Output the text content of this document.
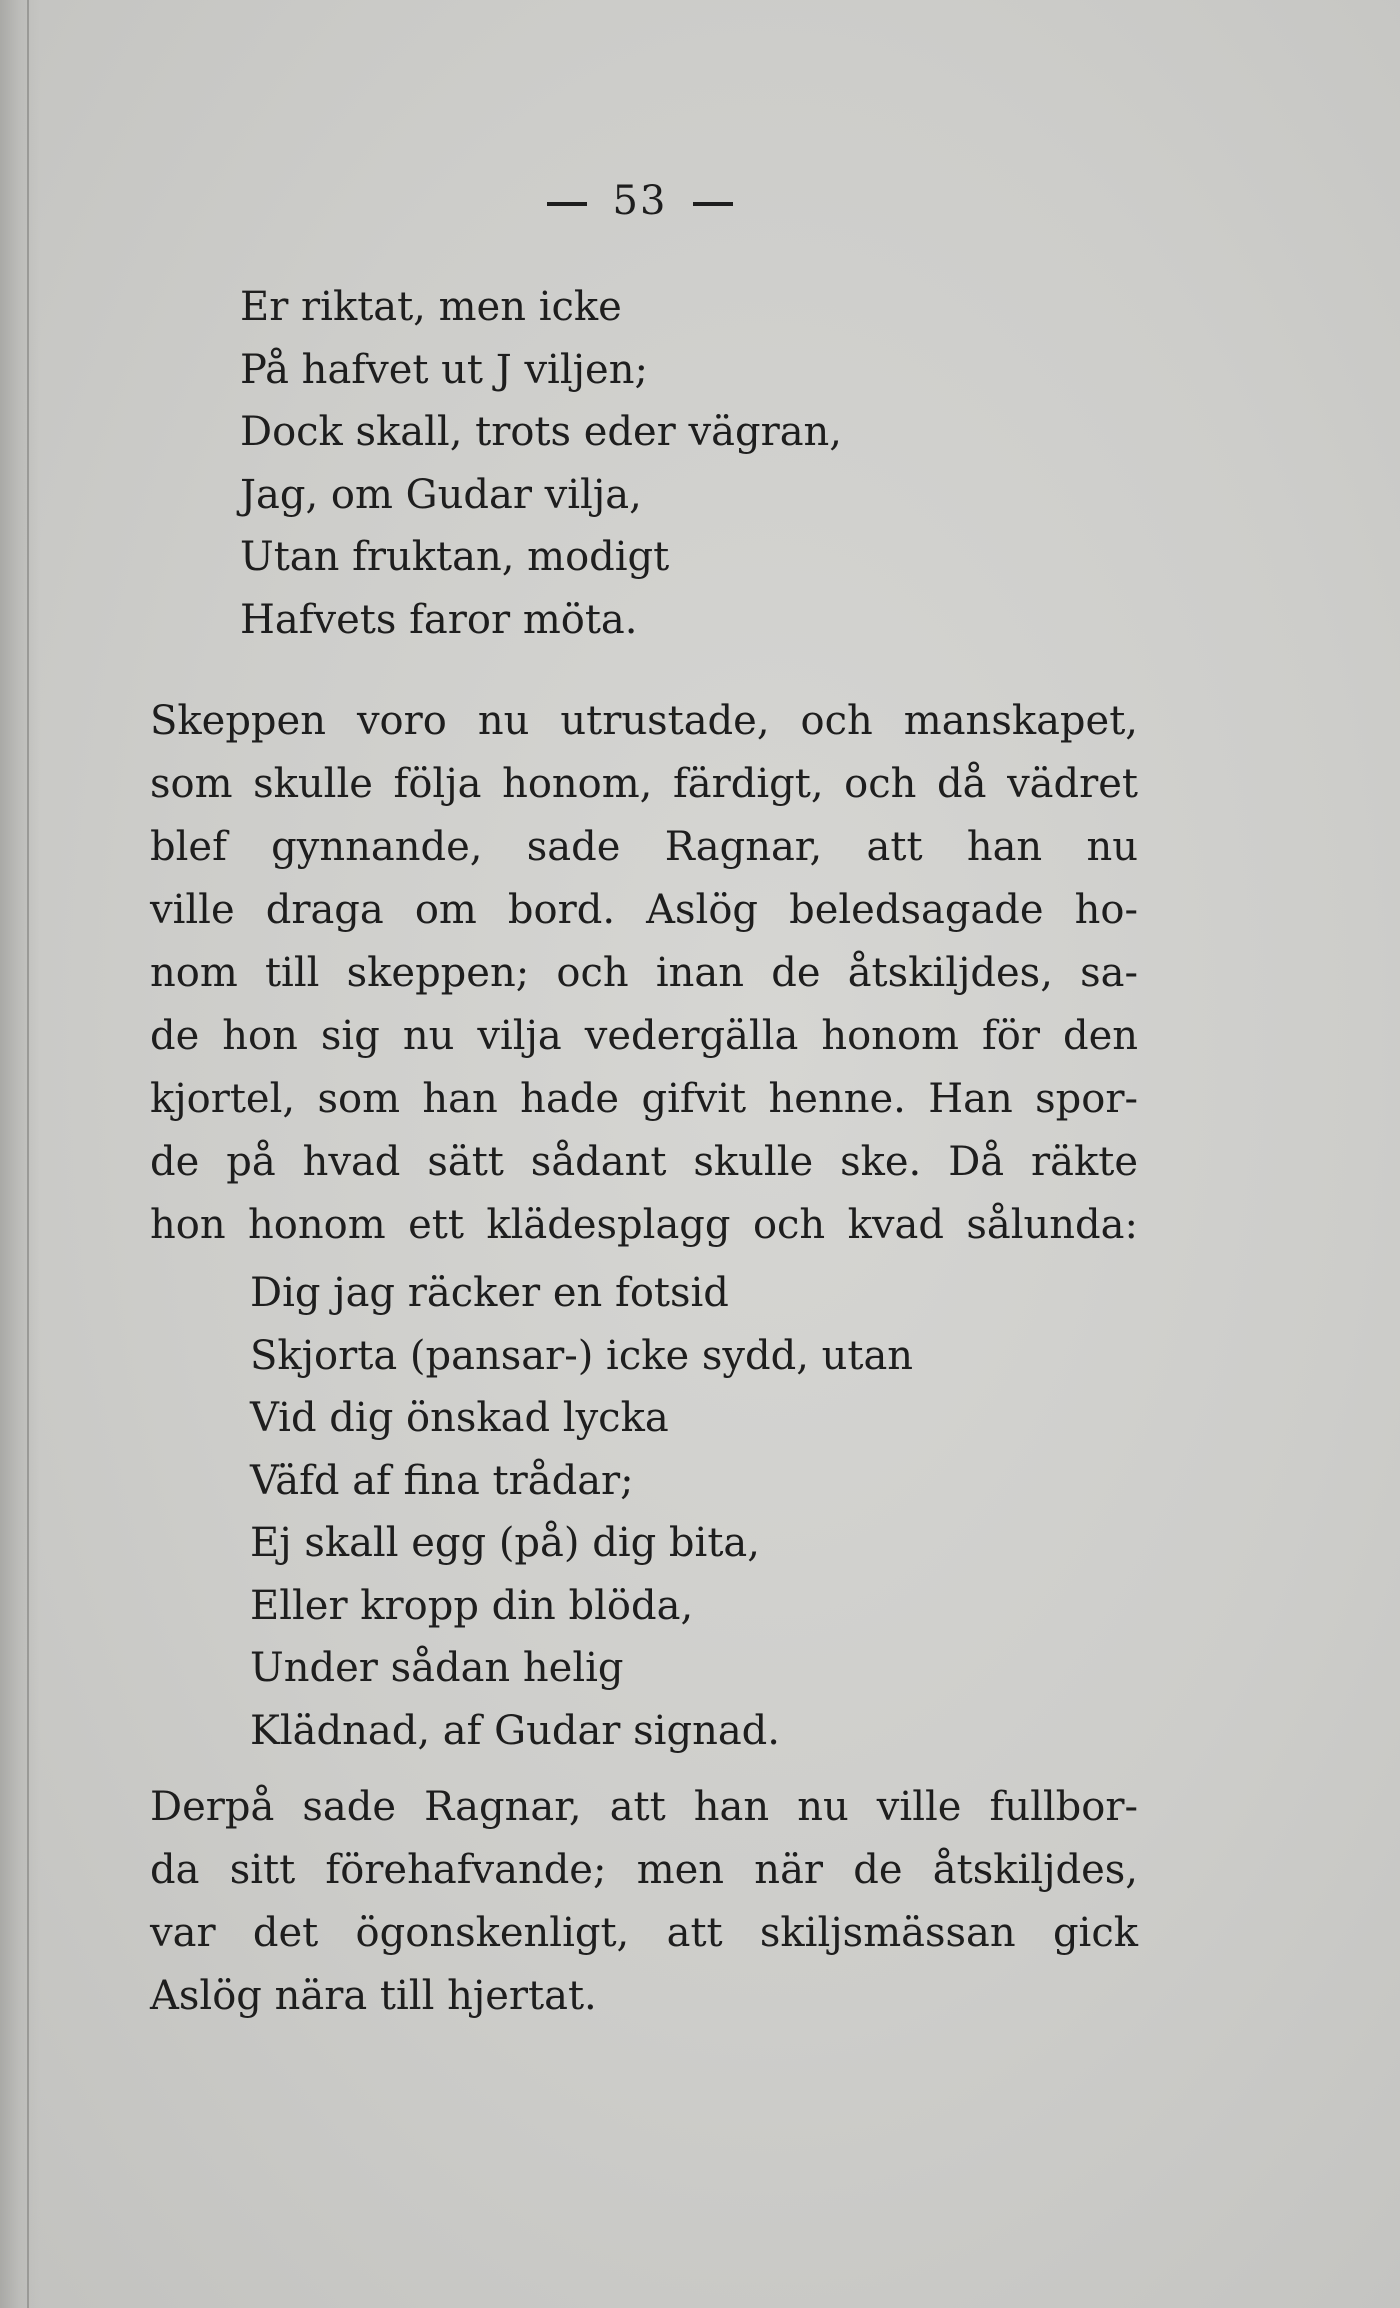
53
Er riktat, men icke
På hafvet ut J viljen;
Dock skall, trots eder vägran,
Jag, om Gudar vilja,
Utan fruktan, modigt
Hafvets faror möta.
Skeppen voro nu utrustade, och manskapet,
som skulle följa honom, färdigt, och då vädret
blef gynnande, sade Ragnar, att han nu
ville draga om bord. Aslög beledsagade ho-
nom till skeppen; och inan de åtskiljdes, sa-
de hon sig nu vilja vedergälla honom för den
kjortel, som han hade gifvit henne. Han spor-
de på hvad sätt sådant skulle ske. Då räkte
hon honom ett klädesplagg och kvad sålunda:
Dig jag räcker en fotsid
Skjorta (pansar-) icke sydd, utan
Vid dig önskad lycka
Väfd af fina trådar;
Ej skall egg (på) dig bita,
Eller kropp din blöda,
Under sådan helig
Klädnad, af Gudar signad.
Derpå sade Ragnar, att han nu ville fullbor-
da sitt förehafvande; men när de åtskiljdes,
var det ögonskenligt, att skiljsmässan gick
Aslög nära till hjertat.
